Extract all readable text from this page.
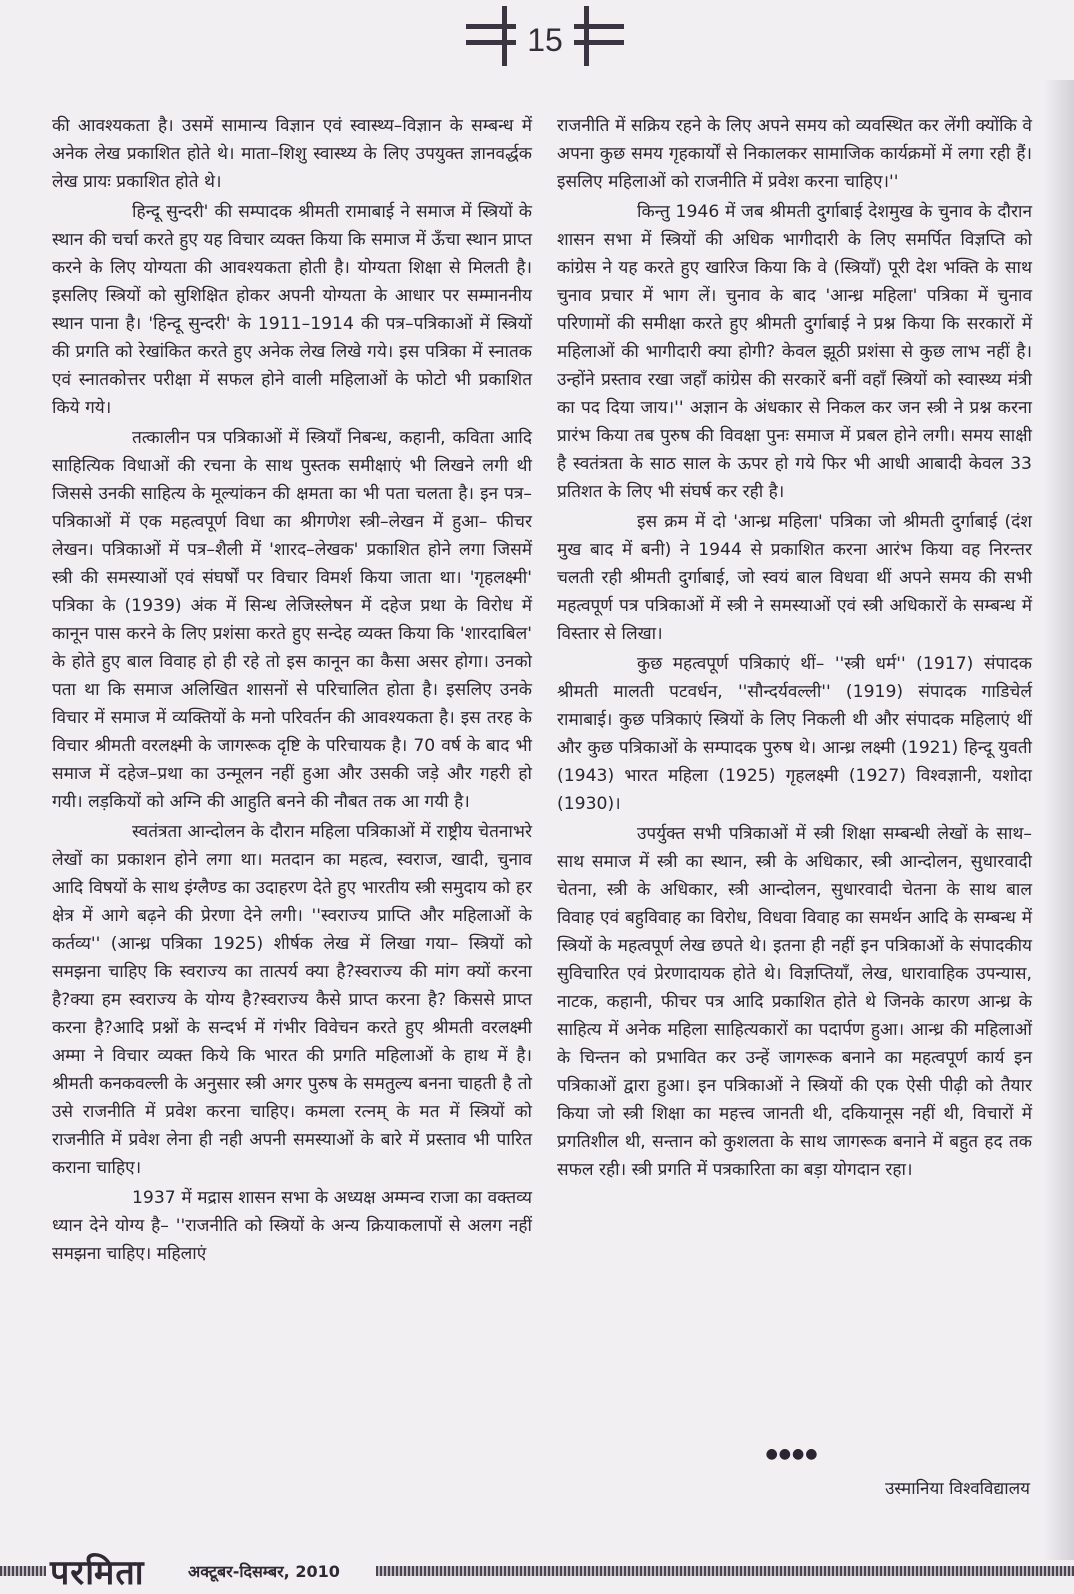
15

की आवश्यकता है। उसमें सामान्य विज्ञान एवं स्वास्थ्य–विज्ञान के सम्बन्ध में अनेक लेख प्रकाशित होते थे। माता–शिशु स्वास्थ्य के लिए उपयुक्त ज्ञानवर्द्धक लेख प्रायः प्रकाशित होते थे।

हिन्दू सुन्दरी' की सम्पादक श्रीमती रामाबाई ने समाज में स्त्रियों के स्थान की चर्चा करते हुए यह विचार व्यक्त किया कि समाज में ऊँचा स्थान प्राप्त करने के लिए योग्यता की आवश्यकता होती है। योग्यता शिक्षा से मिलती है। इसलिए स्त्रियों को सुशिक्षित होकर अपनी योग्यता के आधार पर सम्माननीय स्थान पाना है। 'हिन्दू सुन्दरी' के 1911–1914 की पत्र–पत्रिकाओं में स्त्रियों की प्रगति को रेखांकित करते हुए अनेक लेख लिखे गये। इस पत्रिका में स्नातक एवं स्नातकोत्तर परीक्षा में सफल होने वाली महिलाओं के फोटो भी प्रकाशित किये गये।

तत्कालीन पत्र पत्रिकाओं में स्त्रियाँ निबन्ध, कहानी, कविता आदि साहित्यिक विधाओं की रचना के साथ पुस्तक समीक्षाएं भी लिखने लगी थी जिससे उनकी साहित्य के मूल्यांकन की क्षमता का भी पता चलता है। इन पत्र–पत्रिकाओं में एक महत्वपूर्ण विधा का श्रीगणेश स्त्री–लेखन में हुआ– फीचर लेखन। पत्रिकाओं में पत्र–शैली में 'शारद–लेखक' प्रकाशित होने लगा जिसमें स्त्री की समस्याओं एवं संघर्षों पर विचार विमर्श किया जाता था। 'गृहलक्ष्मी' पत्रिका के (1939) अंक में सिन्ध लेजिस्लेषन में दहेज प्रथा के विरोध में कानून पास करने के लिए प्रशंसा करते हुए सन्देह व्यक्त किया कि 'शारदाबिल' के होते हुए बाल विवाह हो ही रहे तो इस कानून का कैसा असर होगा। उनको पता था कि समाज अलिखित शासनों से परिचालित होता है। इसलिए उनके विचार में समाज में व्यक्तियों के मनो परिवर्तन की आवश्यकता है। इस तरह के विचार श्रीमती वरलक्ष्मी के जागरूक दृष्टि के परिचायक है। 70 वर्ष के बाद भी समाज में दहेज–प्रथा का उन्मूलन नहीं हुआ और उसकी जड़े और गहरी हो गयी। लड़कियों को अग्नि की आहुति बनने की नौबत तक आ गयी है।

स्वतंत्रता आन्दोलन के दौरान महिला पत्रिकाओं में राष्ट्रीय चेतनाभरे लेखों का प्रकाशन होने लगा था। मतदान का महत्व, स्वराज, खादी, चुनाव आदि विषयों के साथ इंग्लैण्ड का उदाहरण देते हुए भारतीय स्त्री समुदाय को हर क्षेत्र में आगे बढ़ने की प्रेरणा देने लगी। ''स्वराज्य प्राप्ति और महिलाओं के कर्तव्य'' (आन्ध्र पत्रिका 1925) शीर्षक लेख में लिखा गया– स्त्रियों को समझना चाहिए कि स्वराज्य का तात्पर्य क्या है?स्वराज्य की मांग क्यों करना है?क्या हम स्वराज्य के योग्य है?स्वराज्य कैसे प्राप्त करना है? किससे प्राप्त करना है?आदि प्रश्नों के सन्दर्भ में गंभीर विवेचन करते हुए श्रीमती वरलक्ष्मी अम्मा ने विचार व्यक्त किये कि भारत की प्रगति महिलाओं के हाथ में है। श्रीमती कनकवल्ली के अनुसार स्त्री अगर पुरुष के समतुल्य बनना चाहती है तो उसे राजनीति में प्रवेश करना चाहिए। कमला रत्नम् के मत में स्त्रियों को राजनीति में प्रवेश लेना ही नही अपनी समस्याओं के बारे में प्रस्ताव भी पारित कराना चाहिए।

1937 में मद्रास शासन सभा के अध्यक्ष अम्मन्व राजा का वक्तव्य ध्यान देने योग्य है– ''राजनीति को स्त्रियों के अन्य क्रियाकलापों से अलग नहीं समझना चाहिए। महिलाएं

राजनीति में सक्रिय रहने के लिए अपने समय को व्यवस्थित कर लेंगी क्योंकि वे अपना कुछ समय गृहकार्यों से निकालकर सामाजिक कार्यक्रमों में लगा रही हैं। इसलिए महिलाओं को राजनीति में प्रवेश करना चाहिए।''

किन्तु 1946 में जब श्रीमती दुर्गाबाई देशमुख के चुनाव के दौरान शासन सभा में स्त्रियों की अधिक भागीदारी के लिए समर्पित विज्ञप्ति को कांग्रेस ने यह करते हुए खारिज किया कि वे (स्त्रियाँ) पूरी देश भक्ति के साथ चुनाव प्रचार में भाग लें। चुनाव के बाद 'आन्ध्र महिला' पत्रिका में चुनाव परिणामों की समीक्षा करते हुए श्रीमती दुर्गाबाई ने प्रश्न किया कि सरकारों में महिलाओं की भागीदारी क्या होगी? केवल झूठी प्रशंसा से कुछ लाभ नहीं है। उन्होंने प्रस्ताव रखा जहाँ कांग्रेस की सरकारें बनीं वहाँ स्त्रियों को स्वास्थ्य मंत्री का पद दिया जाय।'' अज्ञान के अंधकार से निकल कर जन स्त्री ने प्रश्न करना प्रारंभ किया तब पुरुष की विवक्षा पुनः समाज में प्रबल होने लगी। समय साक्षी है स्वतंत्रता के साठ साल के ऊपर हो गये फिर भी आधी आबादी केवल 33 प्रतिशत के लिए भी संघर्ष कर रही है।

इस क्रम में दो 'आन्ध्र महिला' पत्रिका जो श्रीमती दुर्गाबाई (दंश मुख बाद में बनी) ने 1944 से प्रकाशित करना आरंभ किया वह निरन्तर चलती रही श्रीमती दुर्गाबाई, जो स्वयं बाल विधवा थीं अपने समय की सभी महत्वपूर्ण पत्र पत्रिकाओं में स्त्री ने समस्याओं एवं स्त्री अधिकारों के सम्बन्ध में विस्तार से लिखा।

कुछ महत्वपूर्ण पत्रिकाएं थीं– ''स्त्री धर्म'' (1917) संपादक श्रीमती मालती पटवर्धन, ''सौन्दर्यवल्ली'' (1919) संपादक गाडिचेर्ल रामाबाई। कुछ पत्रिकाएं स्त्रियों के लिए निकली थी और संपादक महिलाएं थीं और कुछ पत्रिकाओं के सम्पादक पुरुष थे। आन्ध्र लक्ष्मी (1921) हिन्दू युवती (1943) भारत महिला (1925) गृहलक्ष्मी (1927) विश्वज्ञानी, यशोदा (1930)।

उपर्युक्त सभी पत्रिकाओं में स्त्री शिक्षा सम्बन्धी लेखों के साथ–साथ समाज में स्त्री का स्थान, स्त्री के अधिकार, स्त्री आन्दोलन, सुधारवादी चेतना, स्त्री के अधिकार, स्त्री आन्दोलन, सुधारवादी चेतना के साथ बाल विवाह एवं बहुविवाह का विरोध, विधवा विवाह का समर्थन आदि के सम्बन्ध में स्त्रियों के महत्वपूर्ण लेख छपते थे। इतना ही नहीं इन पत्रिकाओं के संपादकीय सुविचारित एवं प्रेरणादायक होते थे। विज्ञप्तियाँ, लेख, धारावाहिक उपन्यास, नाटक, कहानी, फीचर पत्र आदि प्रकाशित होते थे जिनके कारण आन्ध्र के साहित्य में अनेक महिला साहित्यकारों का पदार्पण हुआ। आन्ध्र की महिलाओं के चिन्तन को प्रभावित कर उन्हें जागरूक बनाने का महत्वपूर्ण कार्य इन पत्रिकाओं द्वारा हुआ। इन पत्रिकाओं ने स्त्रियों की एक ऐसी पीढ़ी को तैयार किया जो स्त्री शिक्षा का महत्त्व जानती थी, दकियानूस नहीं थी, विचारों में प्रगतिशील थी, सन्तान को कुशलता के साथ जागरूक बनाने में बहुत हद तक सफल रही। स्त्री प्रगति में पत्रकारिता का बड़ा योगदान रहा।

●●●●
उस्मानिया विश्वविद्यालय
परमिता	अक्टूबर-दिसम्बर, 2010
